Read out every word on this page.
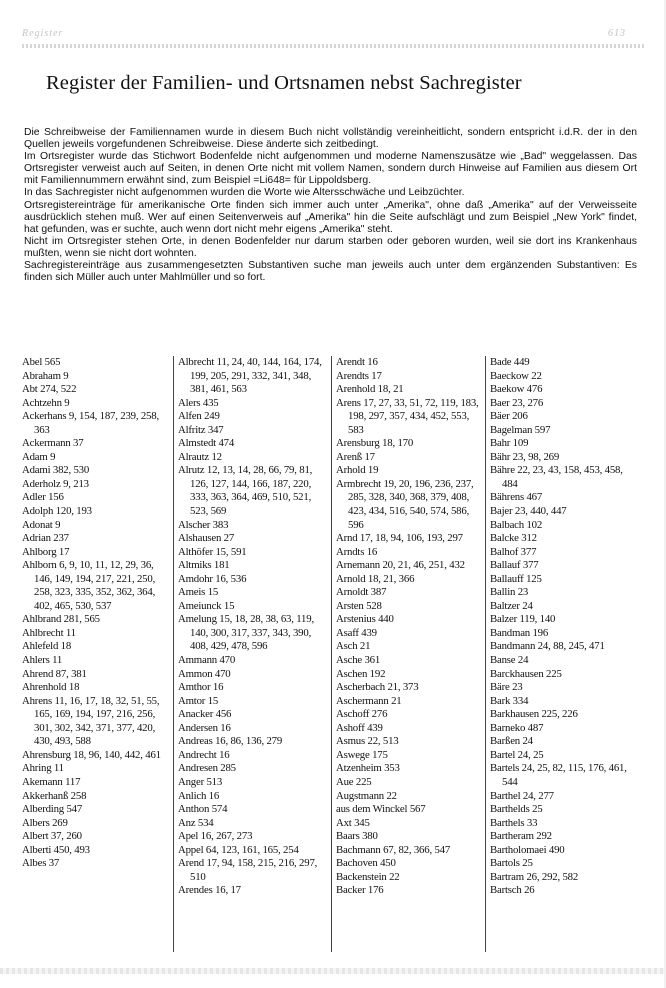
Register	613
Register der Familien- und Ortsnamen nebst Sachregister

Die Schreibweise der Familiennamen wurde in diesem Buch nicht vollständig vereinheitlicht, sondern entspricht i.d.R. der in den Quellen jeweils vorgefundenen Schreibweise. Diese änderte sich zeitbedingt.

Im Ortsregister wurde das Stichwort Bodenfelde nicht aufgenommen und moderne Namenszusätze wie „Bad" weggelassen. Das Ortsregister verweist auch auf Seiten, in denen Orte nicht mit vollem Namen, sondern durch Hinweise auf Familien aus diesem Ort mit Familiennummern erwähnt sind, zum Beispiel =Li648= für Lippoldsberg.

In das Sachregister nicht aufgenommen wurden die Worte wie Altersschwäche und Leibzüchter.

Ortsregistereinträge für amerikanische Orte finden sich immer auch unter „Amerika", ohne daß „Amerika" auf der Verweisseite ausdrücklich stehen muß. Wer auf einen Seitenverweis auf „Amerika" hin die Seite aufschlägt und zum Beispiel „New York" findet, hat gefunden, was er suchte, auch wenn dort nicht mehr eigens „Amerika" steht.

Nicht im Ortsregister stehen Orte, in denen Bodenfelder nur darum starben oder geboren wurden, weil sie dort ins Krankenhaus mußten, wenn sie nicht dort wohnten.

Sachregistereinträge aus zusammengesetzten Substantiven suche man jeweils auch unter dem ergänzenden Substantiven: Es finden sich Müller auch unter Mahlmüller und so fort.

Abel 565
Abraham 9
Abt 274, 522
Achtzehn 9
Ackerhans 9, 154, 187, 239, 258, 363
Ackermann 37
Adam 9
Adami 382, 530
Aderholz 9, 213
Adler 156
Adolph 120, 193
Adonat 9
Adrian 237
Ahlborg 17
Ahlborn 6, 9, 10, 11, 12, 29, 36, 146, 149, 194, 217, 221, 250, 258, 323, 335, 352, 362, 364, 402, 465, 530, 537
Ahlbrand 281, 565
Ahlbrecht 11
Ahlefeld 18
Ahlers 11
Ahrend 87, 381
Ahrenhold 18
Ahrens 11, 16, 17, 18, 32, 51, 55, 165, 169, 194, 197, 216, 256, 301, 302, 342, 371, 377, 420, 430, 493, 588
Ahrensburg 18, 96, 140, 442, 461
Ahring 11
Akemann 117
Akkerhanß 258
Alberding 547
Albers 269
Albert 37, 260
Alberti 450, 493
Albes 37
Albrecht 11, 24, 40, 144, 164, 174, 199, 205, 291, 332, 341, 348, 381, 461, 563
Alers 435
Alfen 249
Alfritz 347
Almstedt 474
Alrautz 12
Alrutz 12, 13, 14, 28, 66, 79, 81, 126, 127, 144, 166, 187, 220, 333, 363, 364, 469, 510, 521, 523, 569
Alscher 383
Alshausen 27
Althöfer 15, 591
Altmiks 181
Amdohr 16, 536
Ameis 15
Ameiunck 15
Amelung 15, 18, 28, 38, 63, 119, 140, 300, 317, 337, 343, 390, 408, 429, 478, 596
Ammann 470
Ammon 470
Amthor 16
Amtor 15
Anacker 456
Andersen 16
Andreas 16, 86, 136, 279
Andrecht 16
Andresen 285
Anger 513
Anlich 16
Anthon 574
Anz 534
Apel 16, 267, 273
Appel 64, 123, 161, 165, 254
Arend 17, 94, 158, 215, 216, 297, 510
Arendes 16, 17
Arendt 16
Arendts 17
Arenhold 18, 21
Arens 17, 27, 33, 51, 72, 119, 183, 198, 297, 357, 434, 452, 553, 583
Arensburg 18, 170
Arenß 17
Arhold 19
Armbrecht 19, 20, 196, 236, 237, 285, 328, 340, 368, 379, 408, 423, 434, 516, 540, 574, 586, 596
Arnd 17, 18, 94, 106, 193, 297
Arndts 16
Arnemann 20, 21, 46, 251, 432
Arnold 18, 21, 366
Arnoldt 387
Arsten 528
Arstenius 440
Asaff 439
Asch 21
Asche 361
Aschen 192
Ascherbach 21, 373
Aschermann 21
Aschoff 276
Ashoff 439
Asmus 22, 513
Aswege 175
Atzenheim 353
Aue 225
Augstmann 22
aus dem Winckel 567
Axt 345
Baars 380
Bachmann 67, 82, 366, 547
Bachoven 450
Backenstein 22
Backer 176
Bade 449
Baeckow 22
Baekow 476
Baer 23, 276
Bäer 206
Bagelman 597
Bahr 109
Bähr 23, 98, 269
Bähre 22, 23, 43, 158, 453, 458, 484
Bährens 467
Bajer 23, 440, 447
Balbach 102
Balcke 312
Balhof 377
Ballauf 377
Ballauff 125
Ballin 23
Baltzer 24
Balzer 119, 140
Bandman 196
Bandmann 24, 88, 245, 471
Banse 24
Barckhausen 225
Bäre 23
Bark 334
Barkhausen 225, 226
Barneko 487
Barßen 24
Bartel 24, 25
Bartels 24, 25, 82, 115, 176, 461, 544
Barthel 24, 277
Barthelds 25
Barthels 33
Bartheram 292
Bartholomaei 490
Bartols 25
Bartram 26, 292, 582
Bartsch 26
